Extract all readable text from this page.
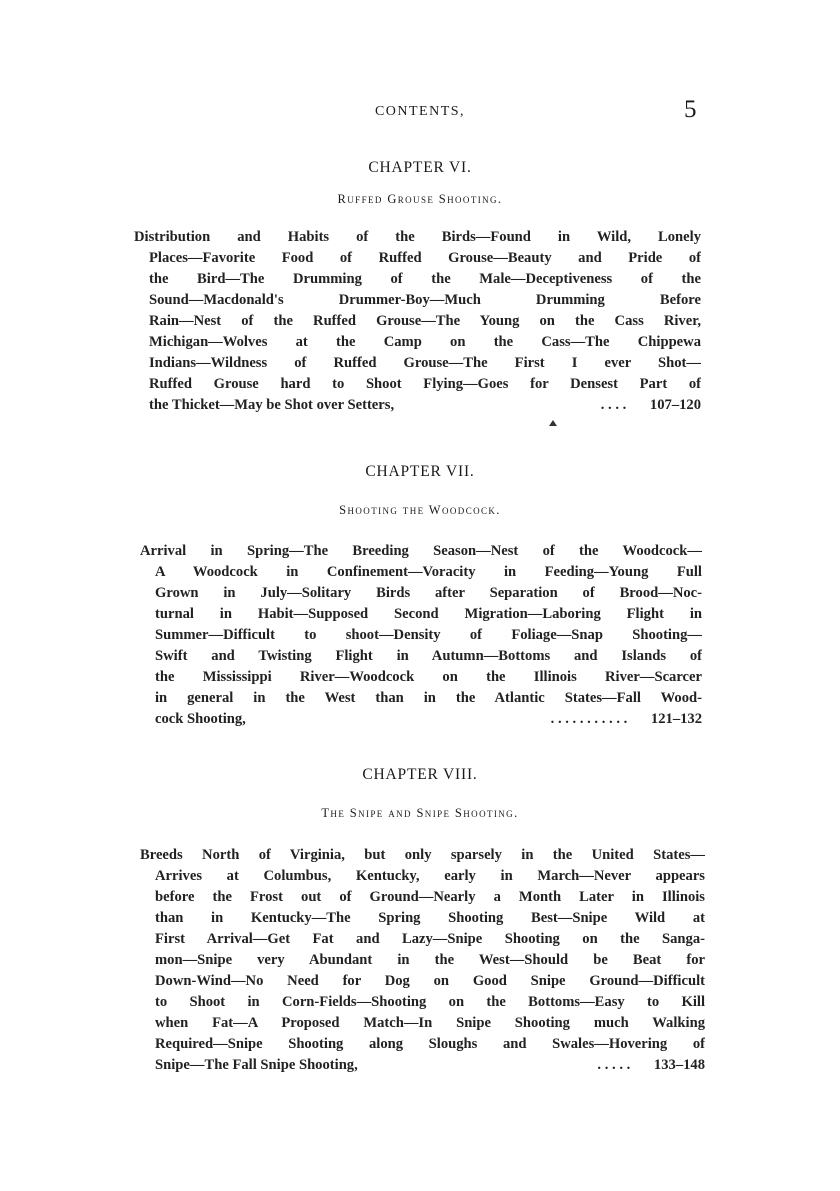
CONTENTS,	5
CHAPTER VI.
Ruffed Grouse Shooting.
Distribution and Habits of the Birds—Found in Wild, Lonely
Places—Favorite Food of Ruffed Grouse—Beauty and Pride of
the Bird—The Drumming of the Male—Deceptiveness of the
Sound—Macdonald's Drummer-Boy—Much Drumming Before
Rain—Nest of the Ruffed Grouse—The Young on the Cass River,
Michigan—Wolves at the Camp on the Cass—The Chippewa
Indians—Wildness of Ruffed Grouse—The First I ever Shot—
Ruffed Grouse hard to Shoot Flying—Goes for Densest Part of
the Thicket—May be Shot over Setters,	. . . . 107–120
CHAPTER VII.
Shooting the Woodcock.
Arrival in Spring—The Breeding Season—Nest of the Woodcock—
A Woodcock in Confinement—Voracity in Feeding—Young Full
Grown in July—Solitary Birds after Separation of Brood—Noc-
turnal in Habit—Supposed Second Migration—Laboring Flight in
Summer—Difficult to shoot—Density of Foliage—Snap Shooting—
Swift and Twisting Flight in Autumn—Bottoms and Islands of
the Mississippi River—Woodcock on the Illinois River—Scarcer
in general in the West than in the Atlantic States—Fall Wood-
cock Shooting,	. . . . . . . . . . . 121–132
CHAPTER VIII.
The Snipe and Snipe Shooting.
Breeds North of Virginia, but only sparsely in the United States—
Arrives at Columbus, Kentucky, early in March—Never appears
before the Frost out of Ground—Nearly a Month Later in Illinois
than in Kentucky—The Spring Shooting Best—Snipe Wild at
First Arrival—Get Fat and Lazy—Snipe Shooting on the Sanga-
mon—Snipe very Abundant in the West—Should be Beat for
Down-Wind—No Need for Dog on Good Snipe Ground—Difficult
to Shoot in Corn-Fields—Shooting on the Bottoms—Easy to Kill
when Fat—A Proposed Match—In Snipe Shooting much Walking
Required—Snipe Shooting along Sloughs and Swales—Hovering of
Snipe—The Fall Snipe Shooting,	. . . . . 133–148
